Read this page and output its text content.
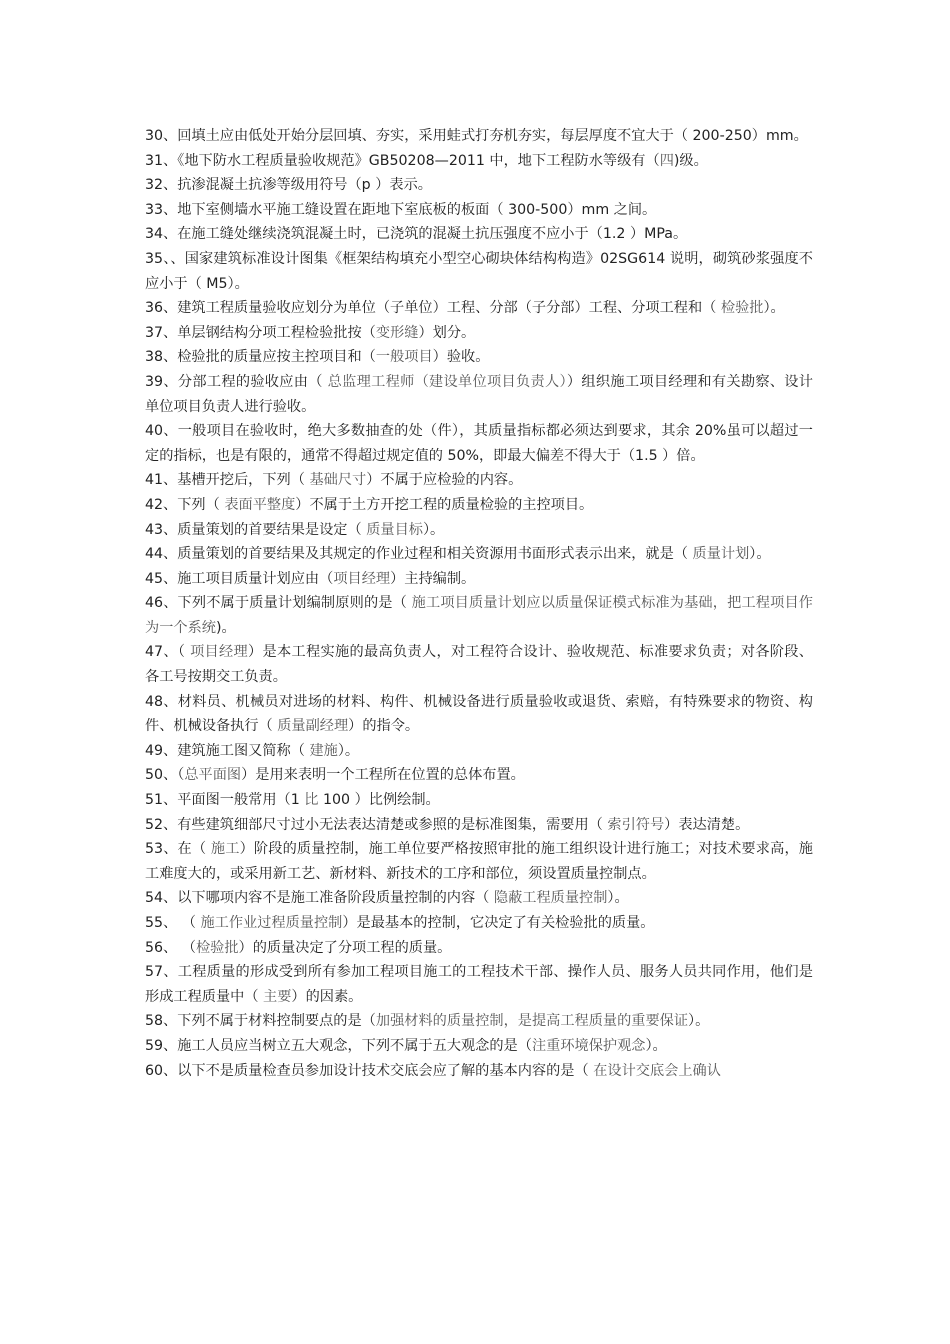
30、回填土应由低处开始分层回填、夯实，采用蛙式打夯机夯实，每层厚度不宜大于（ 200-250）mm。

31、《地下防水工程质量验收规范》GB50208—2011 中，地下工程防水等级有（四)级。

32、抗渗混凝土抗渗等级用符号（p ）表示。

33、地下室侧墙水平施工缝设置在距地下室底板的板面（ 300-500）mm 之间。

34、在施工缝处继续浇筑混凝土时，已浇筑的混凝土抗压强度不应小于（1.2 ）MPa。

35、、国家建筑标准设计图集《框架结构填充小型空心砌块体结构构造》02SG614 说明，砌筑砂浆强度不应小于（ M5）。

36、建筑工程质量验收应划分为单位（子单位）工程、分部（子分部）工程、分项工程和（ 检验批）。

37、单层钢结构分项工程检验批按（变形缝）划分。

38、检验批的质量应按主控项目和（一般项目）验收。

39、分部工程的验收应由（ 总监理工程师（建设单位项目负责人））组织施工项目经理和有关勘察、设计单位项目负责人进行验收。

40、一般项目在验收时，绝大多数抽查的处（件），其质量指标都必须达到要求，其余 20%虽可以超过一定的指标，也是有限的，通常不得超过规定值的 50%，即最大偏差不得大于（1.5 ）倍。

41、基槽开挖后，下列（ 基础尺寸）不属于应检验的内容。

42、下列（ 表面平整度）不属于土方开挖工程的质量检验的主控项目。

43、质量策划的首要结果是设定（ 质量目标）。

44、质量策划的首要结果及其规定的作业过程和相关资源用书面形式表示出来，就是（ 质量计划）。

45、施工项目质量计划应由（项目经理）主持编制。

46、下列不属于质量计划编制原则的是（ 施工项目质量计划应以质量保证模式标准为基础，把工程项目作为一个系统)。

47、（ 项目经理）是本工程实施的最高负责人，对工程符合设计、验收规范、标准要求负责；对各阶段、各工号按期交工负责。

48、材料员、机械员对进场的材料、构件、机械设备进行质量验收或退货、索赔，有特殊要求的物资、构件、机械设备执行（ 质量副经理）的指令。

49、建筑施工图又简称（ 建施）。

50、（总平面图）是用来表明一个工程所在位置的总体布置。

51、平面图一般常用（1 比 100 ）比例绘制。

52、有些建筑细部尺寸过小无法表达清楚或参照的是标准图集，需要用（ 索引符号）表达清楚。

53、在（ 施工）阶段的质量控制，施工单位要严格按照审批的施工组织设计进行施工；对技术要求高，施工难度大的，或采用新工艺、新材料、新技术的工序和部位，须设置质量控制点。

54、以下哪项内容不是施工准备阶段质量控制的内容（ 隐蔽工程质量控制）。

55、 （ 施工作业过程质量控制）是最基本的控制，它决定了有关检验批的质量。

56、 （检验批）的质量决定了分项工程的质量。

57、工程质量的形成受到所有参加工程项目施工的工程技术干部、操作人员、服务人员共同作用，他们是形成工程质量中（ 主要）的因素。

58、下列不属于材料控制要点的是（加强材料的质量控制，是提高工程质量的重要保证）。

59、施工人员应当树立五大观念，下列不属于五大观念的是（注重环境保护观念）。

60、以下不是质量检查员参加设计技术交底会应了解的基本内容的是（ 在设计交底会上确认
